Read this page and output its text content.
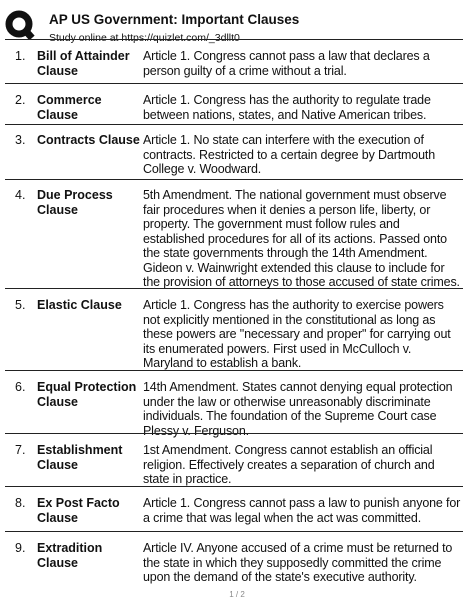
AP US Government: Important Clauses
Study online at https://quizlet.com/_3dllt0
1. Bill of Attainder Clause
Article 1. Congress cannot pass a law that declares a person guilty of a crime without a trial.
2. Commerce Clause
Article 1. Congress has the authority to regulate trade between nations, states, and Native American tribes.
3. Contracts Clause Article 1. No state can interfere with the execution of contracts. Restricted to a certain degree by Dartmouth College v. Woodward.
4. Due Process Clause
5th Amendment. The national government must observe fair procedures when it denies a person life, liberty, or property. The government must follow rules and established procedures for all of its actions. Passed onto the state governments through the 14th Amendment. Gideon v. Wainwright extended this clause to include for the provision of attorneys to those accused of state crimes.
5. Elastic Clause	Article 1. Congress has the authority to exercise powers not explicitly mentioned in the constitutional as long as these powers are "necessary and proper" for carrying out its enumerated powers. First used in McCulloch v. Maryland to establish a bank.
6. Equal Protection Clause
14th Amendment. States cannot denying equal protection under the law or otherwise unreasonably discriminate individuals. The foundation of the Supreme Court case Plessy v. Ferguson.
7. Establishment Clause
1st Amendment. Congress cannot establish an official religion. Effectively creates a separation of church and state in practice.
8. Ex Post Facto Clause
Article 1. Congress cannot pass a law to punish anyone for a crime that was legal when the act was committed.
9. Extradition Clause
Article IV. Anyone accused of a crime must be returned to the state in which they supposedly committed the crime upon the demand of the state's executive authority.
1 / 2
